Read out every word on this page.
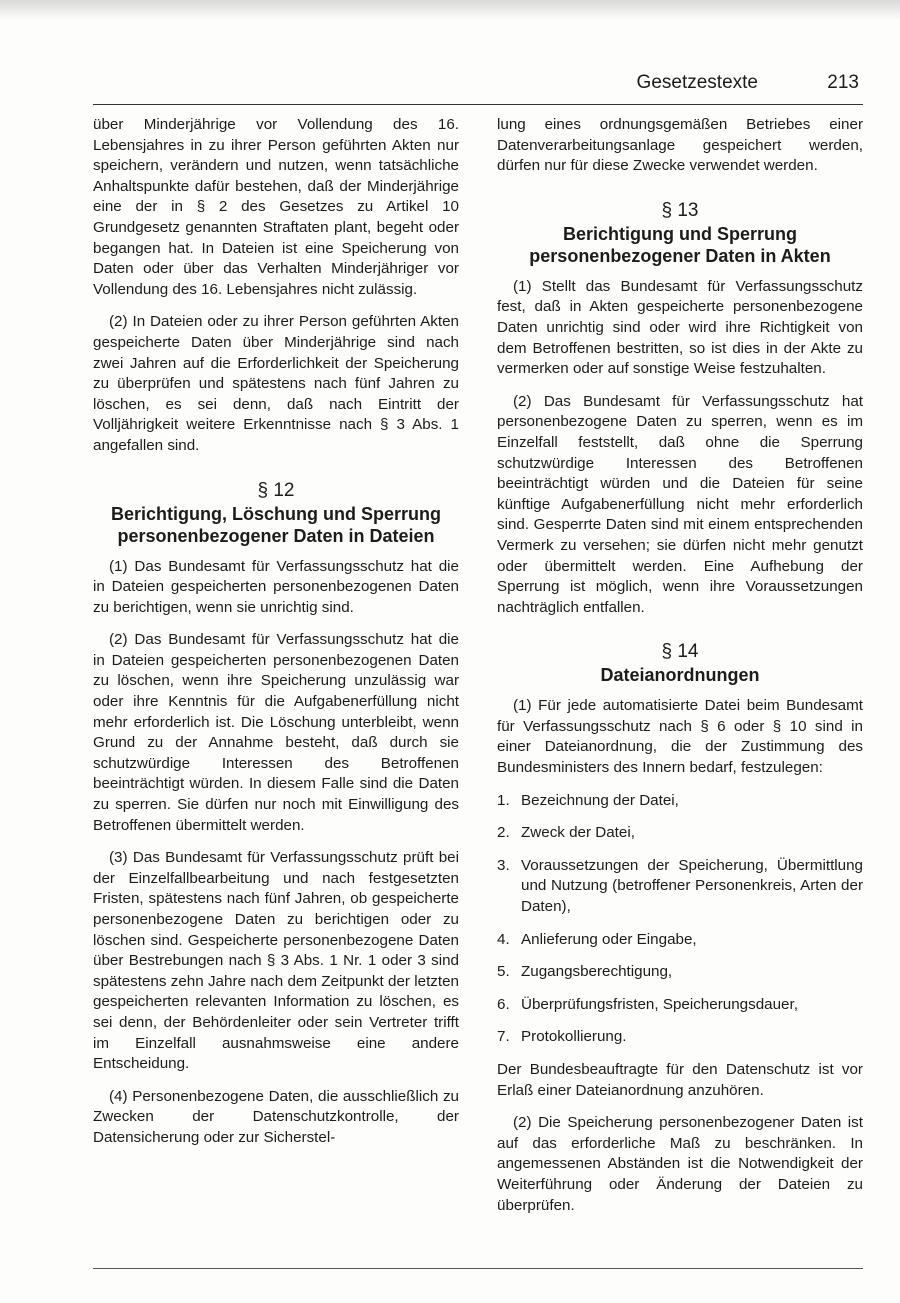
Gesetzestexte	213

über Minderjährige vor Vollendung des 16. Lebensjahres in zu ihrer Person geführten Akten nur speichern, verändern und nutzen, wenn tatsächliche Anhaltspunkte dafür bestehen, daß der Minderjährige eine der in § 2 des Gesetzes zu Artikel 10 Grundgesetz genannten Straftaten plant, begeht oder begangen hat. In Dateien ist eine Speicherung von Daten oder über das Verhalten Minderjähriger vor Vollendung des 16. Lebensjahres nicht zulässig.

(2) In Dateien oder zu ihrer Person geführten Akten gespeicherte Daten über Minderjährige sind nach zwei Jahren auf die Erforderlichkeit der Speicherung zu überprüfen und spätestens nach fünf Jahren zu löschen, es sei denn, daß nach Eintritt der Volljährigkeit weitere Erkenntnisse nach § 3 Abs. 1 angefallen sind.

§ 12
Berichtigung, Löschung und Sperrung personenbezogener Daten in Dateien

(1) Das Bundesamt für Verfassungsschutz hat die in Dateien gespeicherten personenbezogenen Daten zu berichtigen, wenn sie unrichtig sind.

(2) Das Bundesamt für Verfassungsschutz hat die in Dateien gespeicherten personenbezogenen Daten zu löschen, wenn ihre Speicherung unzulässig war oder ihre Kenntnis für die Aufgabenerfüllung nicht mehr erforderlich ist. Die Löschung unterbleibt, wenn Grund zu der Annahme besteht, daß durch sie schutzwürdige Interessen des Betroffenen beeinträchtigt würden. In diesem Falle sind die Daten zu sperren. Sie dürfen nur noch mit Einwilligung des Betroffenen übermittelt werden.

(3) Das Bundesamt für Verfassungsschutz prüft bei der Einzelfallbearbeitung und nach festgesetzten Fristen, spätestens nach fünf Jahren, ob gespeicherte personenbezogene Daten zu berichtigen oder zu löschen sind. Gespeicherte personenbezogene Daten über Bestrebungen nach § 3 Abs. 1 Nr. 1 oder 3 sind spätestens zehn Jahre nach dem Zeitpunkt der letzten gespeicherten relevanten Information zu löschen, es sei denn, der Behördenleiter oder sein Vertreter trifft im Einzelfall ausnahmsweise eine andere Entscheidung.

(4) Personenbezogene Daten, die ausschließlich zu Zwecken der Datenschutzkontrolle, der Datensicherung oder zur Sicherstel-

lung eines ordnungsgemäßen Betriebes einer Datenverarbeitungsanlage gespeichert werden, dürfen nur für diese Zwecke verwendet werden.

§ 13
Berichtigung und Sperrung personenbezogener Daten in Akten

(1) Stellt das Bundesamt für Verfassungsschutz fest, daß in Akten gespeicherte personenbezogene Daten unrichtig sind oder wird ihre Richtigkeit von dem Betroffenen bestritten, so ist dies in der Akte zu vermerken oder auf sonstige Weise festzuhalten.

(2) Das Bundesamt für Verfassungsschutz hat personenbezogene Daten zu sperren, wenn es im Einzelfall feststellt, daß ohne die Sperrung schutzwürdige Interessen des Betroffenen beeinträchtigt würden und die Dateien für seine künftige Aufgabenerfüllung nicht mehr erforderlich sind. Gesperrte Daten sind mit einem entsprechenden Vermerk zu versehen; sie dürfen nicht mehr genutzt oder übermittelt werden. Eine Aufhebung der Sperrung ist möglich, wenn ihre Voraussetzungen nachträglich entfallen.

§ 14
Dateianordnungen

(1) Für jede automatisierte Datei beim Bundesamt für Verfassungsschutz nach § 6 oder § 10 sind in einer Dateianordnung, die der Zustimmung des Bundesministers des Innern bedarf, festzulegen:

1. Bezeichnung der Datei,
2. Zweck der Datei,
3. Voraussetzungen der Speicherung, Übermittlung und Nutzung (betroffener Personenkreis, Arten der Daten),
4. Anlieferung oder Eingabe,
5. Zugangsberechtigung,
6. Überprüfungsfristen, Speicherungsdauer,
7. Protokollierung.

Der Bundesbeauftragte für den Datenschutz ist vor Erlaß einer Dateianordnung anzuhören.

(2) Die Speicherung personenbezogener Daten ist auf das erforderliche Maß zu beschränken. In angemessenen Abständen ist die Notwendigkeit der Weiterführung oder Änderung der Dateien zu überprüfen.
